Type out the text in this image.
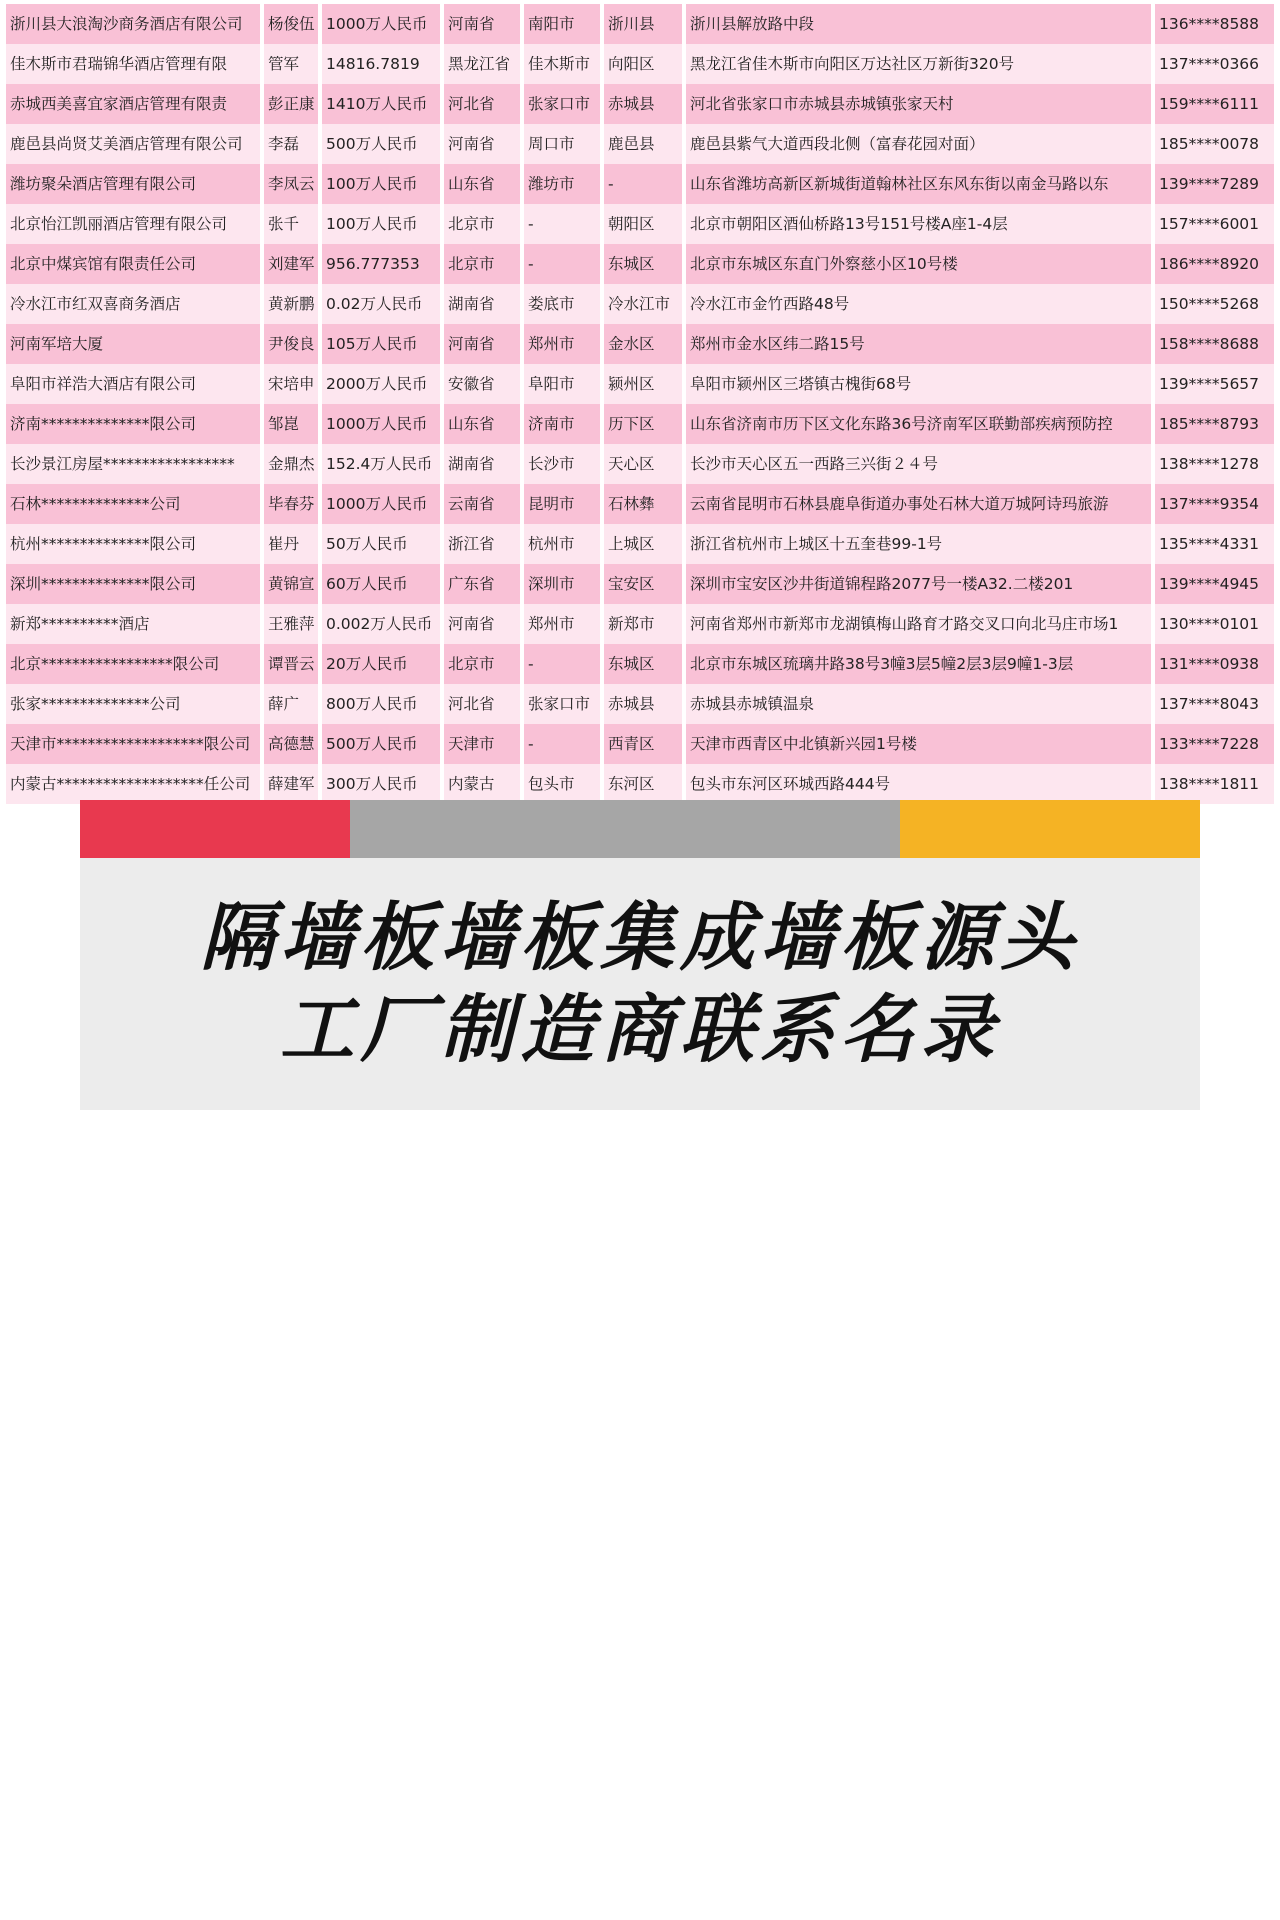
浙川县大浪淘沙商务酒店有限公司	杨俊伍 1000万人民币	河南省	南阳市	浙川县	浙川县解放路中段	136****8588
佳木斯市君瑞锦华酒店管理有限	管军	14816.7819	黑龙江省	佳木斯市	向阳区	黑龙江省佳木斯市向阳区万达社区万新街320号	137****0366
赤城西美喜宜家酒店管理有限责	彭正康 1410万人民币	河北省	张家口市	赤城县	河北省张家口市赤城县赤城镇张家天村	159****6111
鹿邑县尚贤艾美酒店管理有限公司	李磊	500万人民币	河南省	周口市	鹿邑县	鹿邑县紫气大道西段北侧（富春花园对面）	185****0078
潍坊聚朵酒店管理有限公司	李凤云 100万人民币	山东省	潍坊市	-	山东省潍坊高新区新城街道翰林社区东风东街以南金马路以东	139****7289
北京怡江凯丽酒店管理有限公司	张千	100万人民币	北京市	-	朝阳区	北京市朝阳区酒仙桥路13号151号楼A座1-4层	157****6001
北京中煤宾馆有限责任公司	刘建军 956.777353	北京市	-	东城区	北京市东城区东直门外察慈小区10号楼	186****8920
冷水江市红双喜商务酒店	黄新鹏 0.02万人民币	湖南省	娄底市	冷水江市	冷水江市金竹西路48号	150****5268
河南军培大厦	尹俊良 105万人民币	河南省	郑州市	金水区	郑州市金水区纬二路15号	158****8688
阜阳市祥浩大酒店有限公司	宋培申 2000万人民币	安徽省	阜阳市	颍州区	阜阳市颍州区三塔镇古槐街68号	139****5657
济南**************限公司	邹崑	1000万人民币	山东省	济南市	历下区	山东省济南市历下区文化东路36号济南军区联勤部疾病预防控	185****8793
长沙景江房屋*****************	金鼎杰 152.4万人民币	湖南省	长沙市	天心区	长沙市天心区五一西路三兴街２４号	138****1278
石林**************公司	毕春芬 1000万人民币	云南省	昆明市	石林彝	云南省昆明市石林县鹿阜街道办事处石林大道万城阿诗玛旅游	137****9354
杭州**************限公司	崔丹	50万人民币	浙江省	杭州市	上城区	浙江省杭州市上城区十五奎巷99-1号	135****4331
深圳**************限公司	黄锦宣 60万人民币	广东省	深圳市	宝安区	深圳市宝安区沙井街道锦程路2077号一楼A32.二楼201	139****4945
新郑**********酒店	王雅萍 0.002万人民币	河南省	郑州市	新郑市	河南省郑州市新郑市龙湖镇梅山路育才路交叉口向北马庄市场1	130****0101
北京*****************限公司	谭晋云 20万人民币	北京市	-	东城区	北京市东城区琉璃井路38号3幢3层5幢2层3层9幢1-3层	131****0938
张家**************公司	薛广	800万人民币	河北省	张家口市	赤城县	赤城县赤城镇温泉	137****8043
天津市*******************限公司	高德慧 500万人民币	天津市	-	西青区	天津市西青区中北镇新兴园1号楼	133****7228
内蒙古*******************任公司	薛建军 300万人民币	内蒙古	包头市	东河区	包头市东河区环城西路444号	138****1811
隔墙板墙板集成墙板源头
工厂制造商联系名录
